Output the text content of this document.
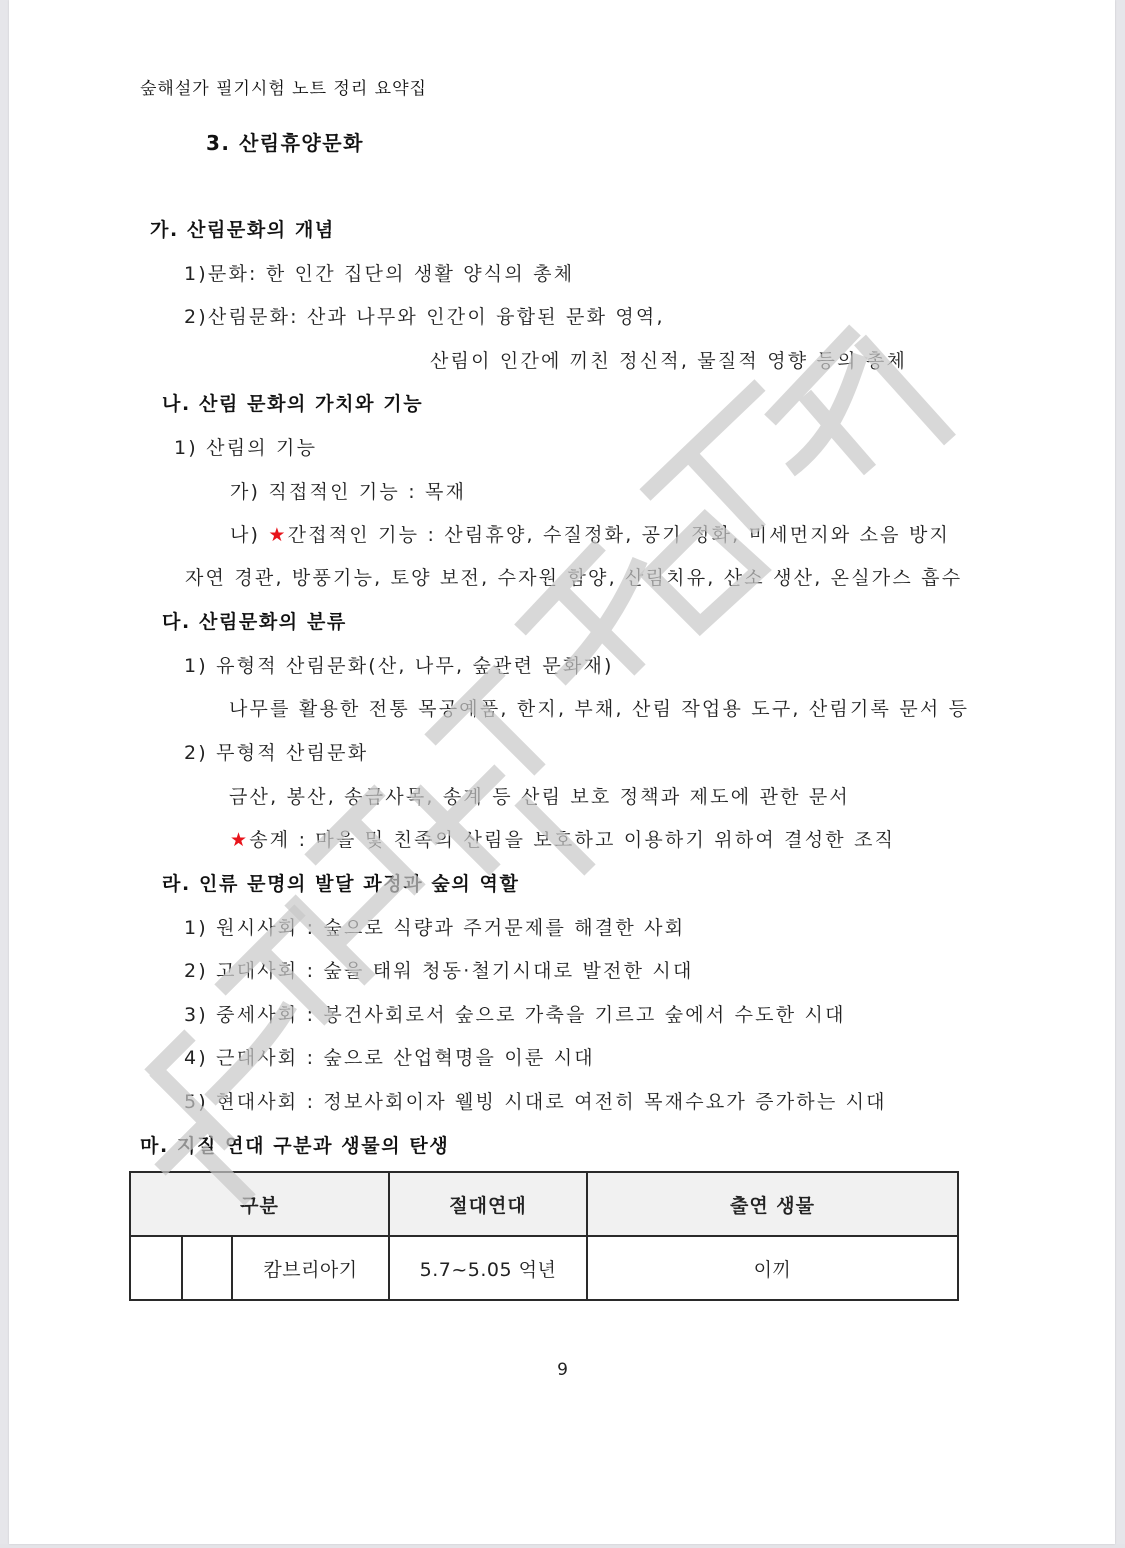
숲해설가 필기시험 노트 정리 요약집
3. 산림휴양문화
가. 산림문화의 개념
1)문화: 한 인간 집단의 생활 양식의 총체
2)산림문화: 산과 나무와 인간이 융합된 문화 영역,
산림이 인간에 끼친 정신적, 물질적 영향 등의 총체
나. 산림 문화의 가치와 기능
1) 산림의 기능
가) 직접적인 기능 : 목재
나) ★간접적인 기능 : 산림휴양, 수질정화, 공기 정화, 미세먼지와 소음 방지
자연 경관, 방풍기능, 토양 보전, 수자원 함양, 산림치유, 산소 생산, 온실가스 흡수
다. 산림문화의 분류
1) 유형적 산림문화(산, 나무, 숲관련 문화재)
나무를 활용한 전통 목공예품, 한지, 부채, 산림 작업용 도구, 산림기록 문서 등
2) 무형적 산림문화
금산, 봉산, 송금사목, 송계 등 산림 보호 정책과 제도에 관한 문서
★송계 : 마을 및 친족의 산림을 보호하고 이용하기 위하여 결성한 조직
라. 인류 문명의 발달 과정과 숲의 역할
1) 원시사회 : 숲으로 식량과 주거문제를 해결한 사회
2) 고대사회 : 숲을 태워 청동·철기시대로 발전한 시대
3) 중세사회 : 봉건사회로서 숲으로 가축을 기르고 숲에서 수도한 시대
4) 근대사회 : 숲으로 산업혁명을 이룬 시대
5) 현대사회 : 정보사회이자 웰빙 시대로 여전히 목재수요가 증가하는 시대
마. 지질 연대 구분과 생물의 탄생
구분			절대연대	출연 생물
		캄브리아기	5.7~5.05 억년	이끼
9
